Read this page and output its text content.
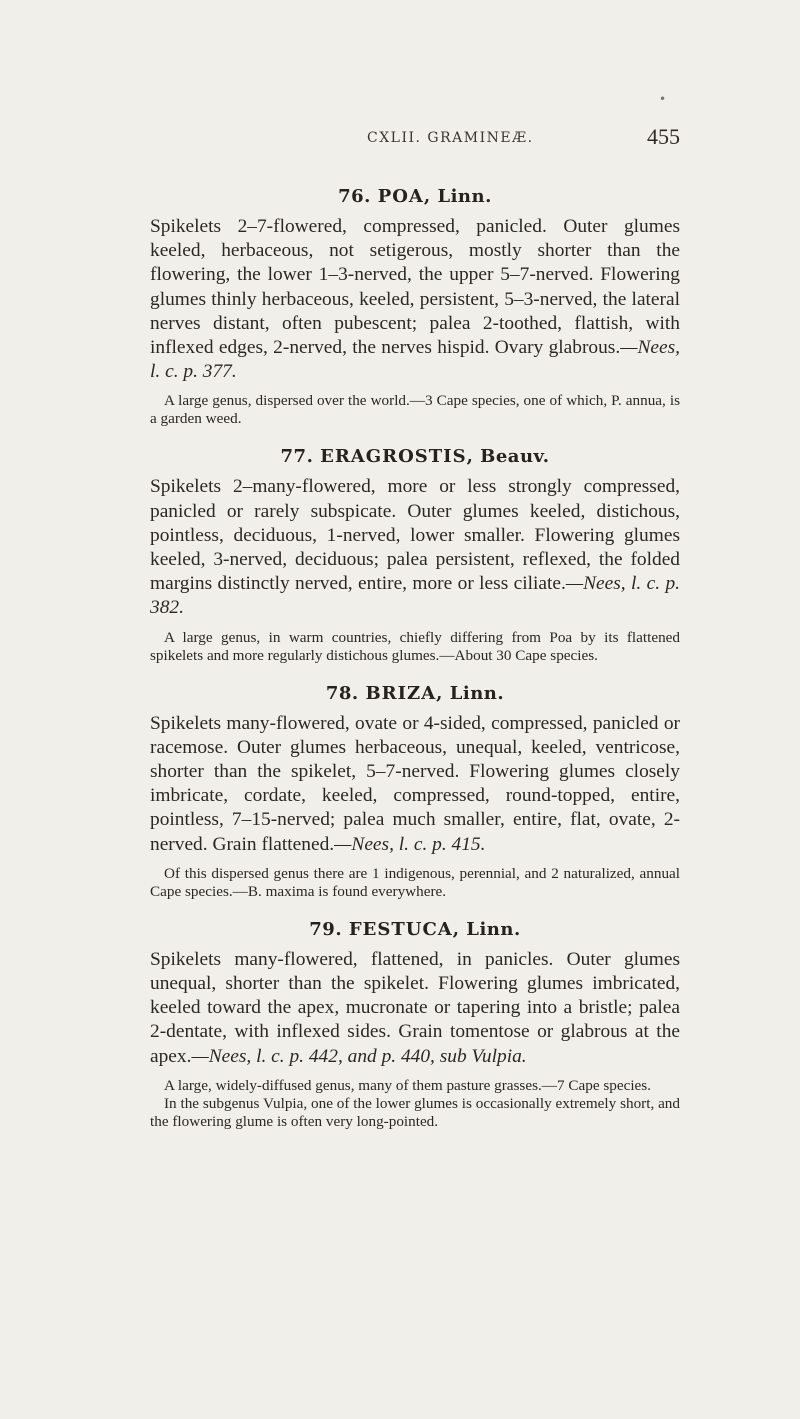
•
CXLII. GRAMINEÆ.	455
76. POA, Linn.

Spikelets 2–7-flowered, compressed, panicled. Outer glumes keeled, herbaceous, not setigerous, mostly shorter than the flowering, the lower 1–3-nerved, the upper 5–7-nerved. Flowering glumes thinly herbaceous, keeled, persistent, 5–3-nerved, the lateral nerves distant, often pubescent; palea 2-toothed, flattish, with inflexed edges, 2-nerved, the nerves hispid. Ovary glabrous.—Nees, l. c. p. 377.

A large genus, dispersed over the world.—3 Cape species, one of which, P. annua, is a garden weed.

77. ERAGROSTIS, Beauv.

Spikelets 2–many-flowered, more or less strongly compressed, panicled or rarely subspicate. Outer glumes keeled, distichous, pointless, deciduous, 1-nerved, lower smaller. Flowering glumes keeled, 3-nerved, deciduous; palea persistent, reflexed, the folded margins distinctly nerved, entire, more or less ciliate.—Nees, l. c. p. 382.

A large genus, in warm countries, chiefly differing from Poa by its flattened spikelets and more regularly distichous glumes.—About 30 Cape species.

78. BRIZA, Linn.

Spikelets many-flowered, ovate or 4-sided, compressed, panicled or racemose. Outer glumes herbaceous, unequal, keeled, ventricose, shorter than the spikelet, 5–7-nerved. Flowering glumes closely imbricate, cordate, keeled, compressed, round-topped, entire, pointless, 7–15-nerved; palea much smaller, entire, flat, ovate, 2-nerved. Grain flattened.—Nees, l. c. p. 415.

Of this dispersed genus there are 1 indigenous, perennial, and 2 naturalized, annual Cape species.—B. maxima is found everywhere.

79. FESTUCA, Linn.

Spikelets many-flowered, flattened, in panicles. Outer glumes unequal, shorter than the spikelet. Flowering glumes imbricated, keeled toward the apex, mucronate or tapering into a bristle; palea 2-dentate, with inflexed sides. Grain tomentose or glabrous at the apex.—Nees, l. c. p. 442, and p. 440, sub Vulpia.

A large, widely-diffused genus, many of them pasture grasses.—7 Cape species.

In the subgenus Vulpia, one of the lower glumes is occasionally extremely short, and the flowering glume is often very long-pointed.
